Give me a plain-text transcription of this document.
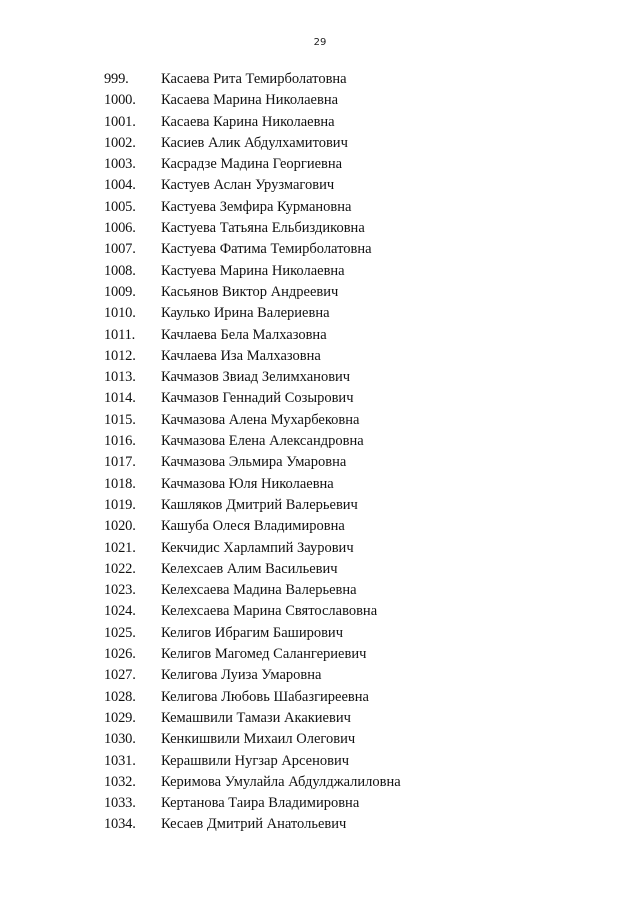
29
999. Касаева Рита Темирболатовна
1000. Касаева Марина Николаевна
1001. Касаева Карина Николаевна
1002. Касиев Алик Абдулхамитович
1003. Касрадзе Мадина Георгиевна
1004. Кастуев Аслан Урузмагович
1005. Кастуева Земфира Курмановна
1006. Кастуева Татьяна Ельбиздиковна
1007. Кастуева Фатима Темирболатовна
1008. Кастуева Марина Николаевна
1009. Касьянов Виктор Андреевич
1010. Каулько Ирина Валериевна
1011. Качлаева Бела Малхазовна
1012. Качлаева Иза Малхазовна
1013. Качмазов Звиад Зелимханович
1014. Качмазов Геннадий Созырович
1015. Качмазова Алена Мухарбековна
1016. Качмазова Елена Александровна
1017. Качмазова Эльмира Умаровна
1018. Качмазова Юля Николаевна
1019. Кашляков Дмитрий Валерьевич
1020. Кашуба Олеся Владимировна
1021. Кекчидис Харлампий Заурович
1022. Келехсаев Алим Васильевич
1023. Келехсаева Мадина Валерьевна
1024. Келехсаева Марина Святославовна
1025. Келигов Ибрагим Баширович
1026. Келигов Магомед Салангериевич
1027. Келигова Луиза Умаровна
1028. Келигова Любовь Шабазгиреевна
1029. Кемашвили Тамази Акакиевич
1030. Кенкишвили Михаил Олегович
1031. Керашвили Нугзар Арсенович
1032. Керимова Умулайла Абдулджалиловна
1033. Кертанова Таира Владимировна
1034. Кесаев Дмитрий Анатольевич
